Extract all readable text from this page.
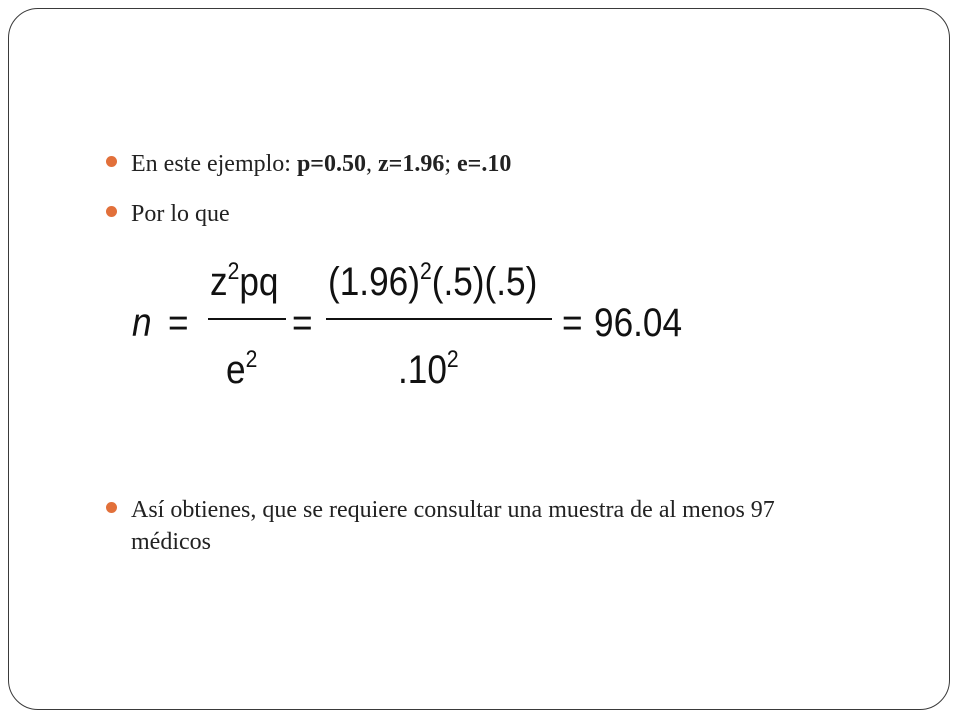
En este ejemplo: p=0.50, z=1.96; e=.10
Por lo que
n =
$z^2pq$
$e^2$
=
$(1.96)^2(.5)(.5)$
$.10^2$
= 96.04
Así obtienes, que se requiere consultar una muestra de al menos 97 médicos
